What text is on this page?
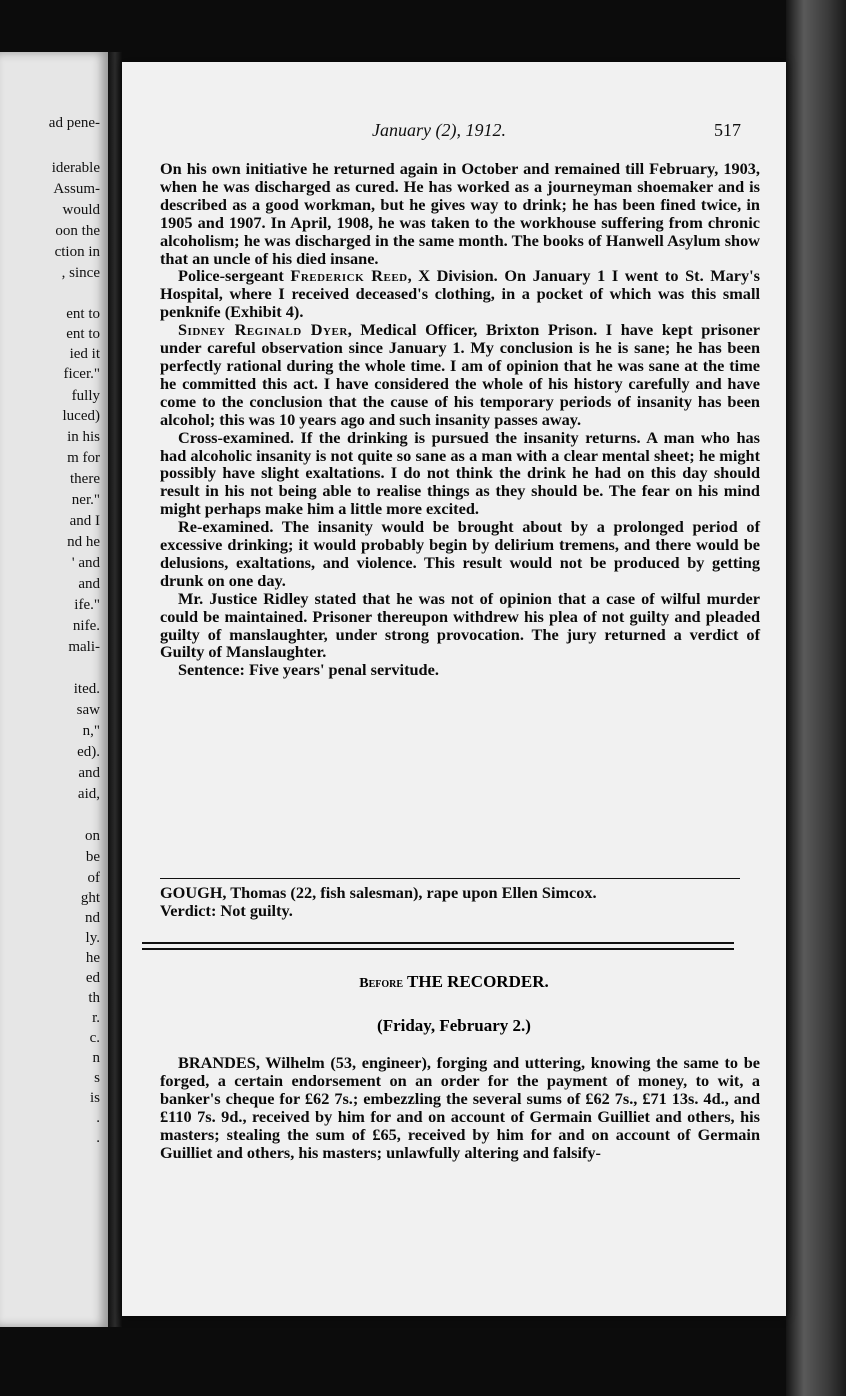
ad pene-
iderable
Assum-
would
oon the
ction in
, since
ent to
ent to
ied it
ficer."
fully
luced)
in his
m for
there
ner."
and I
nd he
' and
and
ife."
nife.
mali-
ited.
saw
n,"
ed).
and
aid,
on
be
of
ght
nd
ly.
he
ed
th
r.
c.
n
s
is
.
.
January (2), 1912.	517

On his own initiative he returned again in October and remained till February, 1903, when he was discharged as cured. He has worked as a journeyman shoemaker and is described as a good workman, but he gives way to drink; he has been fined twice, in 1905 and 1907. In April, 1908, he was taken to the workhouse suffering from chronic alcoholism; he was discharged in the same month. The books of Hanwell Asylum show that an uncle of his died insane.

Police-sergeant Frederick Reed, X Division. On January 1 I went to St. Mary's Hospital, where I received deceased's clothing, in a pocket of which was this small penknife (Exhibit 4).

Sidney Reginald Dyer, Medical Officer, Brixton Prison. I have kept prisoner under careful observation since January 1. My conclusion is he is sane; he has been perfectly rational during the whole time. I am of opinion that he was sane at the time he committed this act. I have considered the whole of his history carefully and have come to the conclusion that the cause of his temporary periods of insanity has been alcohol; this was 10 years ago and such insanity passes away.

Cross-examined. If the drinking is pursued the insanity returns. A man who has had alcoholic insanity is not quite so sane as a man with a clear mental sheet; he might possibly have slight exaltations. I do not think the drink he had on this day should result in his not being able to realise things as they should be. The fear on his mind might perhaps make him a little more excited.

Re-examined. The insanity would be brought about by a prolonged period of excessive drinking; it would probably begin by delirium tremens, and there would be delusions, exaltations, and violence. This result would not be produced by getting drunk on one day.

Mr. Justice Ridley stated that he was not of opinion that a case of wilful murder could be maintained. Prisoner thereupon withdrew his plea of not guilty and pleaded guilty of manslaughter, under strong provocation. The jury returned a verdict of Guilty of Manslaughter.

Sentence: Five years' penal servitude.

GOUGH, Thomas (22, fish salesman), rape upon Ellen Simcox.
Verdict: Not guilty.
Before THE RECORDER.
(Friday, February 2.)
BRANDES, Wilhelm (53, engineer), forging and uttering, knowing the same to be forged, a certain endorsement on an order for the payment of money, to wit, a banker's cheque for £62 7s.; embezzling the several sums of £62 7s., £71 13s. 4d., and £110 7s. 9d., received by him for and on account of Germain Guilliet and others, his masters; stealing the sum of £65, received by him for and on account of Germain Guilliet and others, his masters; unlawfully altering and falsify-
